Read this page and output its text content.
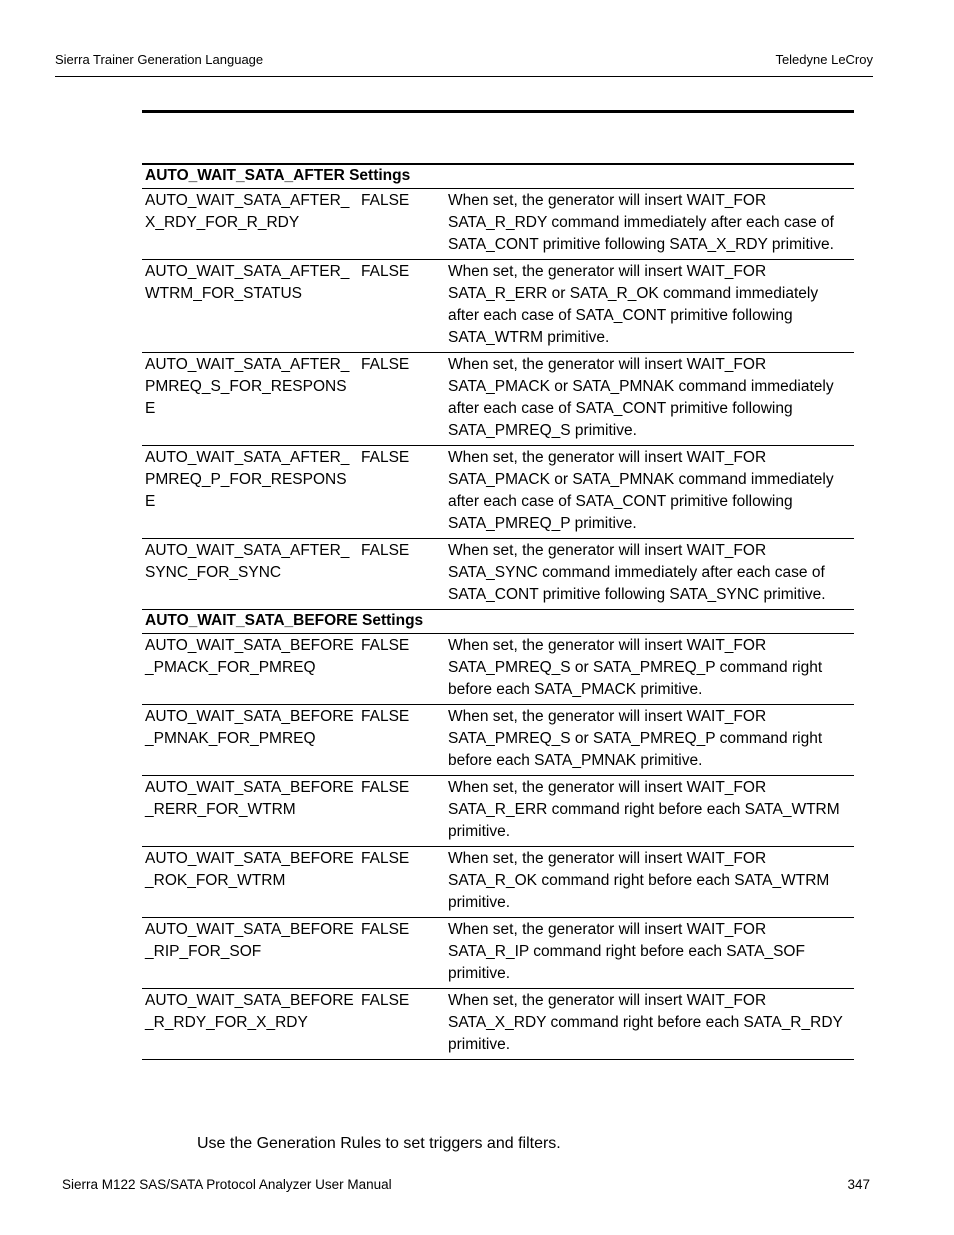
Sierra Trainer Generation Language	Teledyne LeCroy
AUTO_WAIT_SATA_AFTER Settings		
AUTO_WAIT_SATA_AFTER_ X_RDY_FOR_R_RDY	FALSE	When set, the generator will insert WAIT_FOR SATA_R_RDY command immediately after each case of SATA_CONT primitive following SATA_X_RDY primitive.
AUTO_WAIT_SATA_AFTER_ WTRM_FOR_STATUS	FALSE	When set, the generator will insert WAIT_FOR SATA_R_ERR or SATA_R_OK command immediately after each case of SATA_CONT primitive following SATA_WTRM primitive.
AUTO_WAIT_SATA_AFTER_ PMREQ_S_FOR_RESPONSE	FALSE	When set, the generator will insert WAIT_FOR SATA_PMACK or SATA_PMNAK command immediately after each case of SATA_CONT primitive following SATA_PMREQ_S primitive.
AUTO_WAIT_SATA_AFTER_ PMREQ_P_FOR_RESPONSE	FALSE	When set, the generator will insert WAIT_FOR SATA_PMACK or SATA_PMNAK command immediately after each case of SATA_CONT primitive following SATA_PMREQ_P primitive.
AUTO_WAIT_SATA_AFTER_ SYNC_FOR_SYNC	FALSE	When set, the generator will insert WAIT_FOR SATA_SYNC command immediately after each case of SATA_CONT primitive following SATA_SYNC primitive.
AUTO_WAIT_SATA_BEFORE Settings		
AUTO_WAIT_SATA_BEFORE _PMACK_FOR_PMREQ	FALSE	When set, the generator will insert WAIT_FOR SATA_PMREQ_S or SATA_PMREQ_P command right before each SATA_PMACK primitive.
AUTO_WAIT_SATA_BEFORE _PMNAK_FOR_PMREQ	FALSE	When set, the generator will insert WAIT_FOR SATA_PMREQ_S or SATA_PMREQ_P command right before each SATA_PMNAK primitive.
AUTO_WAIT_SATA_BEFORE _RERR_FOR_WTRM	FALSE	When set, the generator will insert WAIT_FOR SATA_R_ERR command right before each SATA_WTRM primitive.
AUTO_WAIT_SATA_BEFORE _ROK_FOR_WTRM	FALSE	When set, the generator will insert WAIT_FOR SATA_R_OK command right before each SATA_WTRM primitive.
AUTO_WAIT_SATA_BEFORE _RIP_FOR_SOF	FALSE	When set, the generator will insert WAIT_FOR SATA_R_IP command right before each SATA_SOF primitive.
AUTO_WAIT_SATA_BEFORE _R_RDY_FOR_X_RDY	FALSE	When set, the generator will insert WAIT_FOR SATA_X_RDY command right before each SATA_R_RDY primitive.
Use the Generation Rules to set triggers and filters.
Sierra M122 SAS/SATA Protocol Analyzer User Manual	347
